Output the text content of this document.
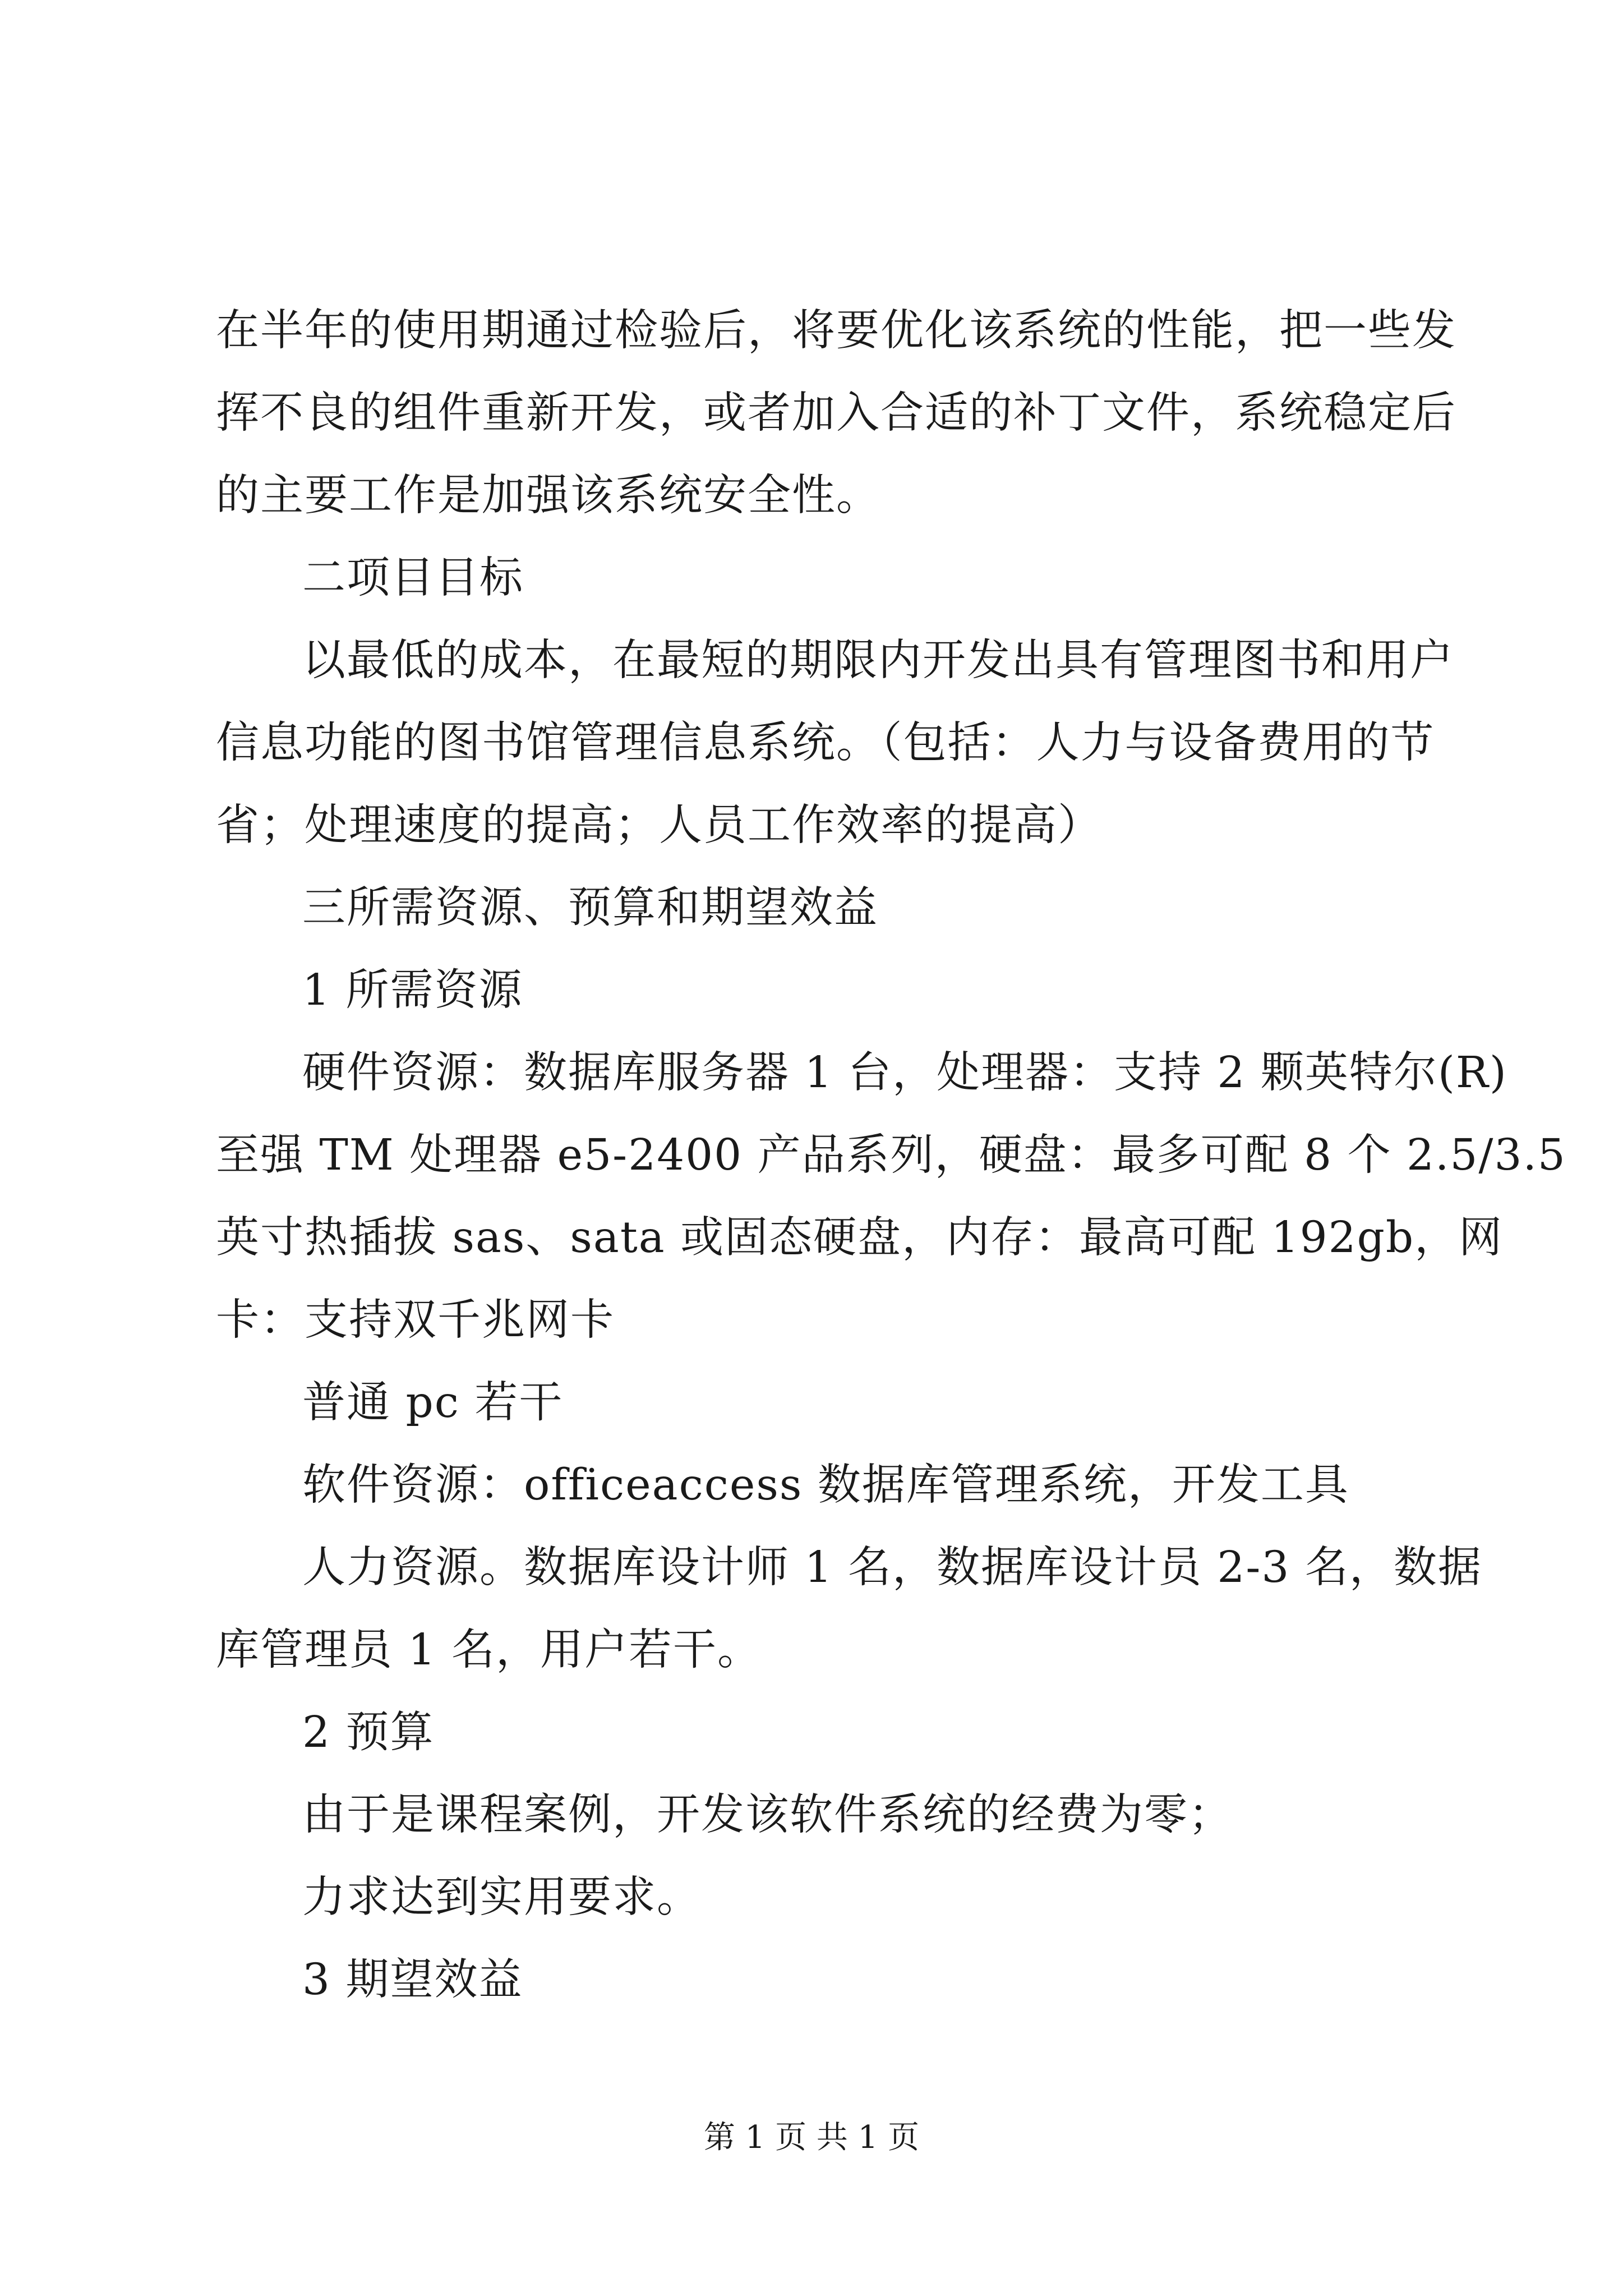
在半年的使用期通过检验后，将要优化该系统的性能，把一些发
挥不良的组件重新开发，或者加入合适的补丁文件，系统稳定后
的主要工作是加强该系统安全性。
二项目目标
以最低的成本，在最短的期限内开发出具有管理图书和用户
信息功能的图书馆管理信息系统。（包括：人力与设备费用的节
省；处理速度的提高；人员工作效率的提高）
三所需资源、预算和期望效益
1 所需资源
硬件资源：数据库服务器 1 台，处理器：支持 2 颗英特尔(R)
至强 TM 处理器 e5-2400 产品系列，硬盘：最多可配 8 个 2.5/3.5
英寸热插拔 sas、sata 或固态硬盘，内存：最高可配 192gb，网
卡：支持双千兆网卡
普通 pc 若干
软件资源：officeaccess 数据库管理系统，开发工具
人力资源。数据库设计师 1 名，数据库设计员 2-3 名，数据
库管理员 1 名，用户若干。
2 预算
由于是课程案例，开发该软件系统的经费为零；
力求达到实用要求。
3 期望效益
第 1 页 共 1 页
